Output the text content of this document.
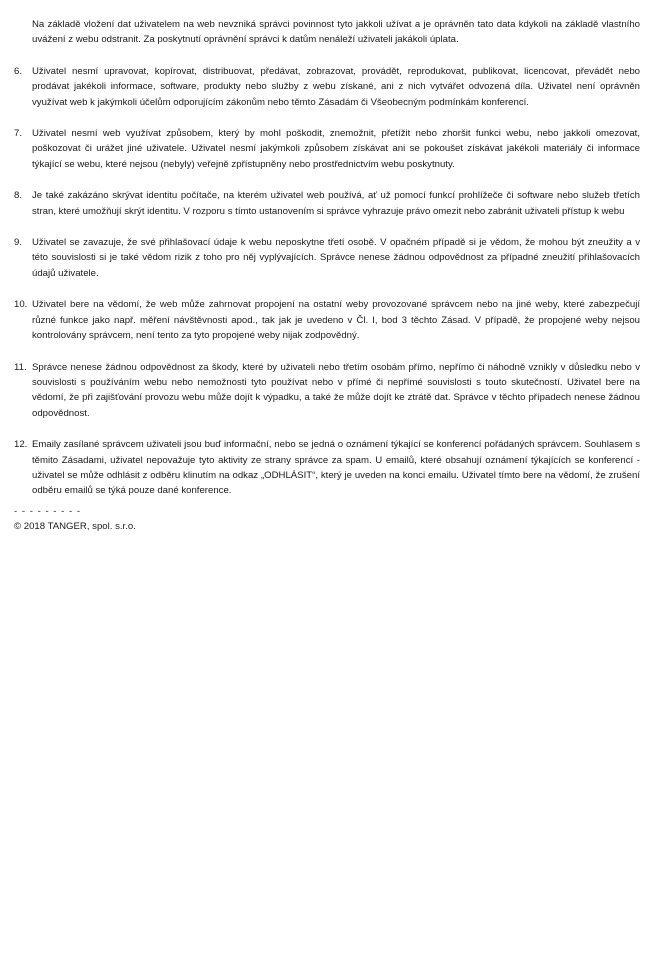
Na základě vložení dat uživatelem na web nevzniká správci povinnost tyto jakkoli užívat a je oprávněn tato data kdykoli na základě vlastního uvážení z webu odstranit. Za poskytnutí oprávnění správci k datům nenáleží uživateli jakákoli úplata.

6.	Uživatel nesmí upravovat, kopírovat, distribuovat, předávat, zobrazovat, provádět, reprodukovat, publikovat, licencovat, převádět nebo prodávat jakékoli informace, software, produkty nebo služby z webu získané, ani z nich vytvářet odvozená díla. Uživatel není oprávněn využívat web k jakýmkoli účelům odporujícím zákonům nebo těmto Zásadám či Všeobecným podmínkám konferencí.
7.	Uživatel nesmí web využívat způsobem, který by mohl poškodit, znemožnit, přetížit nebo zhoršit funkci webu, nebo jakkoli omezovat, poškozovat či urážet jiné uživatele. Uživatel nesmí jakýmkoli způsobem získávat ani se pokoušet získávat jakékoli materiály či informace týkající se webu, které nejsou (nebyly) veřejně zpřístupněny nebo prostřednictvím webu poskytnuty.
8.	Je také zakázáno skrývat identitu počítače, na kterém uživatel web používá, ať už pomocí funkcí prohlížeče či software nebo služeb třetích stran, které umožňují skrýt identitu. V rozporu s tímto ustanovením si správce vyhrazuje právo omezit nebo zabránit uživateli přístup k webu
9.	Uživatel se zavazuje, že své přihlašovací údaje k webu neposkytne třetí osobě. V opačném případě si je vědom, že mohou být zneužity a v této souvislosti si je také vědom rizik z toho pro něj vyplývajících. Správce nenese žádnou odpovědnost za případné zneužití přihlašovacích údajů uživatele.
10. Uživatel bere na vědomí, že web může zahrnovat propojení na ostatní weby provozované správcem nebo na jiné weby, které zabezpečují různé funkce jako např. měření návštěvnosti apod., tak jak je uvedeno v Čl. I, bod 3 těchto Zásad. V případě, že propojené weby nejsou kontrolovány správcem, není tento za tyto propojené weby nijak zodpovědný.
11. Správce nenese žádnou odpovědnost za škody, které by uživateli nebo třetím osobám přímo, nepřímo či náhodně vznikly v důsledku nebo v souvislosti s používáním webu nebo nemožnosti tyto používat nebo v přímé či nepřímé souvislosti s touto skutečností. Uživatel bere na vědomí, že při zajišťování provozu webu může dojít k výpadku, a také že může dojít ke ztrátě dat. Správce v těchto případech nenese žádnou odpovědnost.
12. Emaily zasílané správcem uživateli jsou buď informační, nebo se jedná o oznámení týkající se konferencí pořádaných správcem. Souhlasem s těmito Zásadami, uživatel nepovažuje tyto aktivity ze strany správce za spam. U emailů, které obsahují oznámení týkajících se konferencí - uživatel se může odhlásit z odběru klinutím na odkaz „ODHLÁSIT“, který je uveden na konci emailu. Uživatel tímto bere na vědomí, že zrušení odběru emailů se týká pouze dané konference.
- - - - - - - - -
© 2018 TANGER, spol. s.r.o.
